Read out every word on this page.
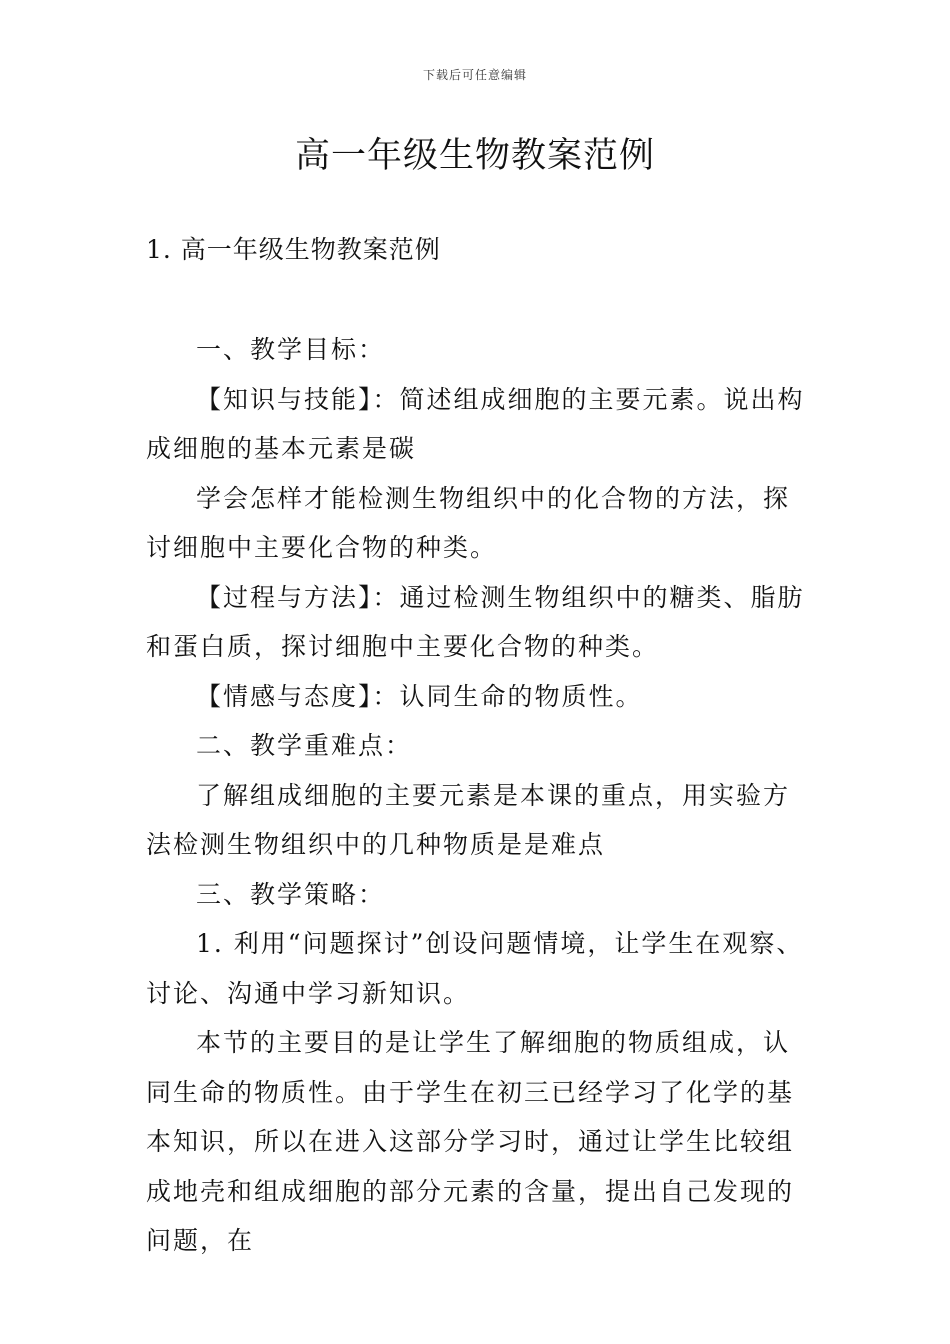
下载后可任意编辑
高一年级生物教案范例
1. 高一年级生物教案范例

一、教学目标：

【知识与技能】：简述组成细胞的主要元素。说出构成细胞的基本元素是碳

学会怎样才能检测生物组织中的化合物的方法，探讨细胞中主要化合物的种类。

【过程与方法】：通过检测生物组织中的糖类、脂肪和蛋白质，探讨细胞中主要化合物的种类。

【情感与态度】：认同生命的物质性。

二、教学重难点：

了解组成细胞的主要元素是本课的重点，用实验方法检测生物组织中的几种物质是是难点

三、教学策略：

1. 利用“问题探讨”创设问题情境，让学生在观察、讨论、沟通中学习新知识。

本节的主要目的是让学生了解细胞的物质组成，认同生命的物质性。由于学生在初三已经学习了化学的基本知识，所以在进入这部分学习时，通过让学生比较组成地壳和组成细胞的部分元素的含量，提出自己发现的问题，在
